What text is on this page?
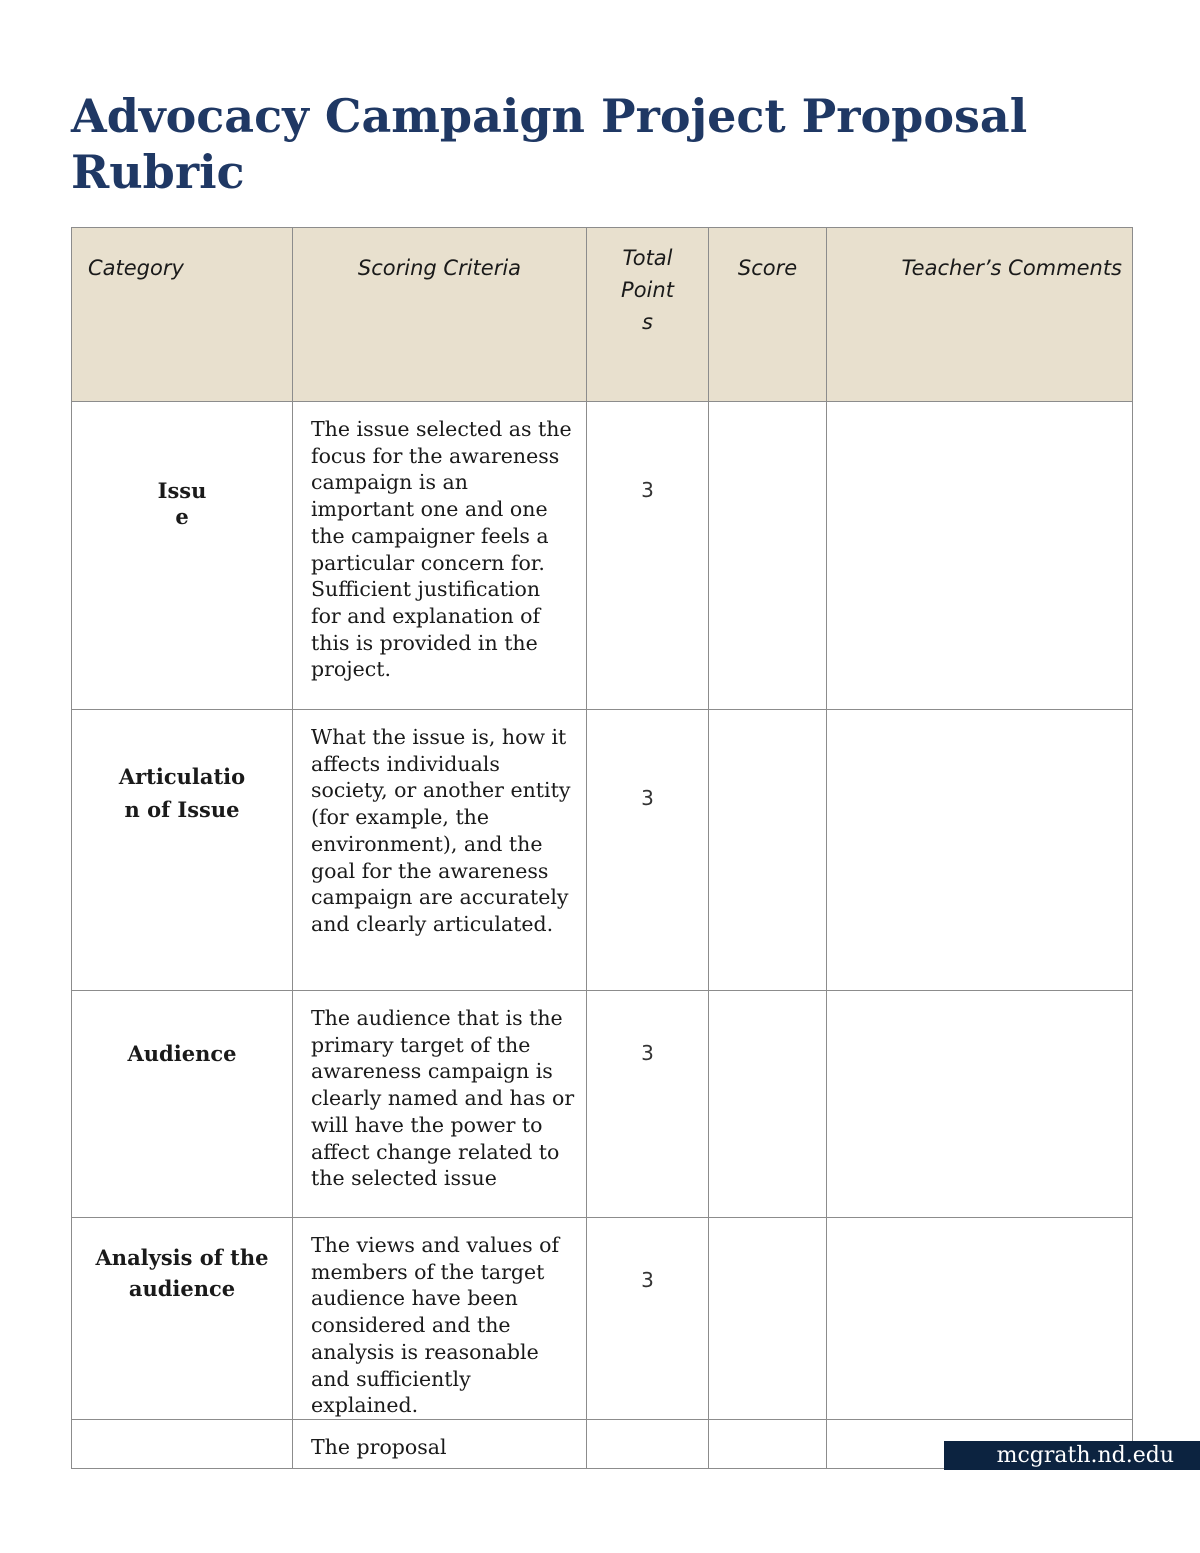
Advocacy Campaign Project Proposal Rubric
Category	Scoring Criteria	Total Points	Score	Teacher’s Comments

Issue	The issue selected as the focus for the awareness campaign is an important one and one the campaigner feels a particular concern for. Sufficient justification for and explanation of this is provided in the project.	3		

Articulation of Issue	What the issue is, how it affects individuals society, or another entity (for example, the environment), and the goal for the awareness campaign are accurately and clearly articulated.	3		

Audience	The audience that is the primary target of the awareness campaign is clearly named and has or will have the power to affect change related to the selected issue	3		

Analysis of the audience	The views and values of members of the target audience have been considered and the analysis is reasonable and sufficiently explained.	3		

	The proposal				mcgrath.nd.edu
